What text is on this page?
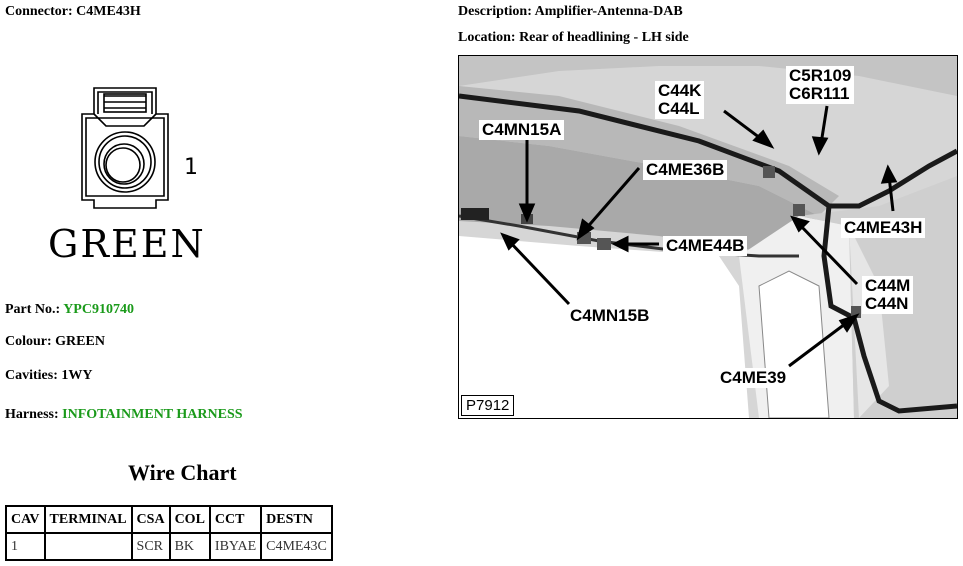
Connector: C4ME43H	Description: Amplifier-Antenna-DAB
Location: Rear of headlining - LH side
1
GREEN
Part No.: YPC910740
Colour: GREEN
Cavities: 1WY
Harness: INFOTAINMENT HARNESS
Wire Chart
CAV	TERMINAL	CSA	COL	CCT	DESTN
1		SCR	BK	IBYAE	C4ME43C
C44K
C44L
C5R109
C6R111
C4MN15A
C4ME36B
C4ME43H
C4ME44B
C44M
C44N
C4MN15B
C4ME39
P7912
